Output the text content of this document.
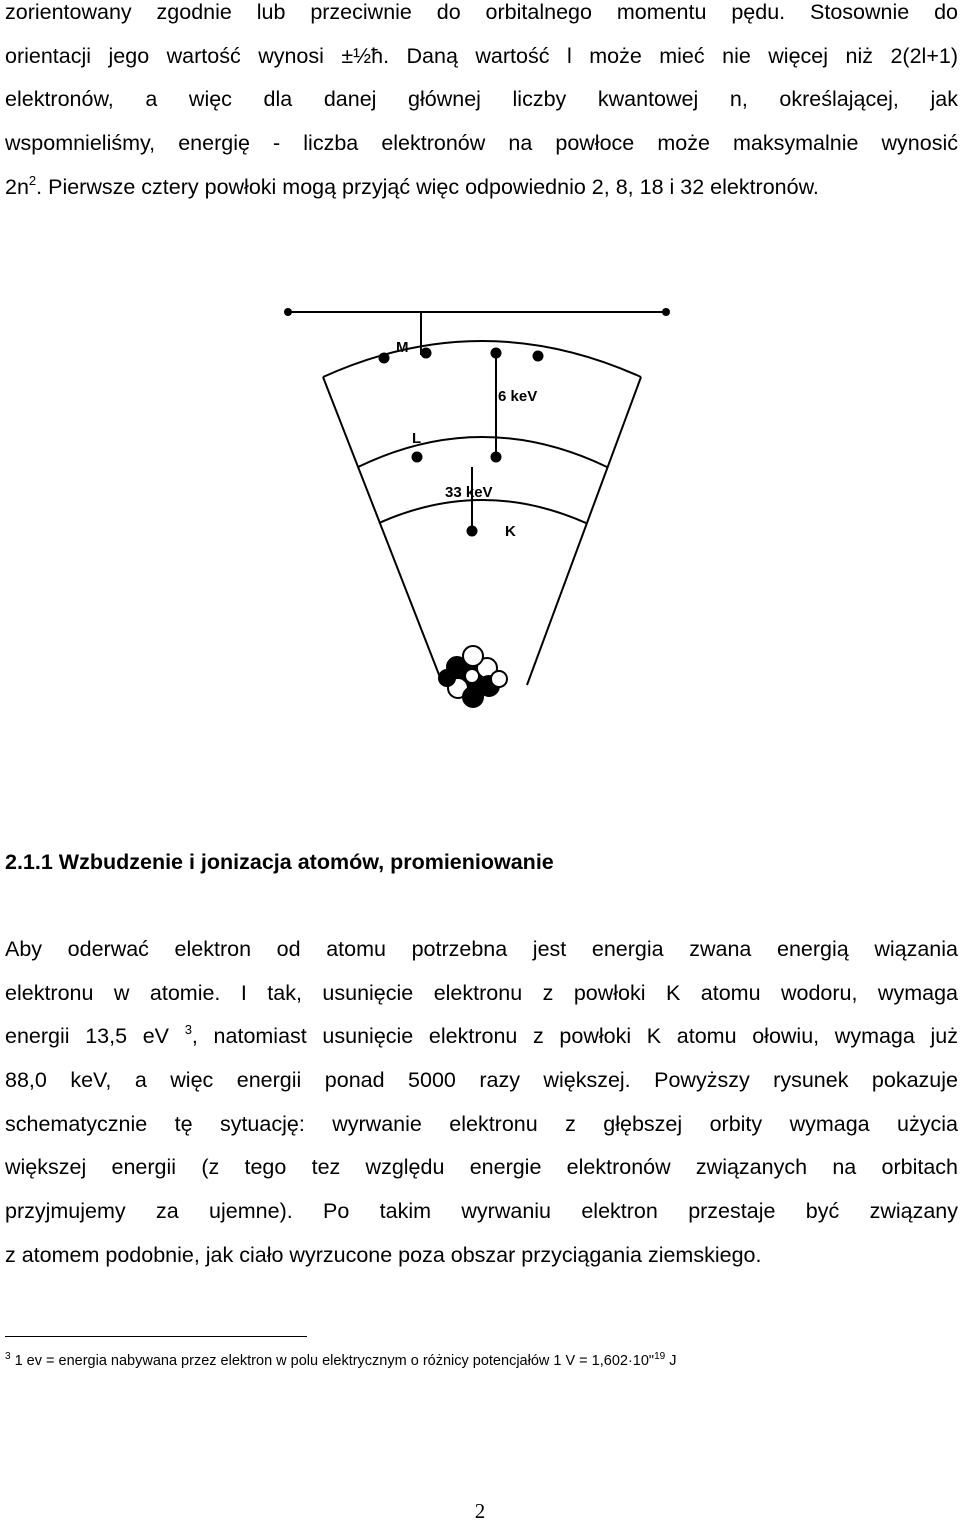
zorientowany zgodnie lub przeciwnie do orbitalnego momentu pędu. Stosownie do
orientacji jego wartość wynosi ±½ħ. Daną wartość l może mieć nie więcej niż 2(2l+1)
elektronów, a więc dla danej głównej liczby kwantowej n, określającej, jak
wspomnieliśmy, energię - liczba elektronów na powłoce może maksymalnie wynosić
$2n^2$. Pierwsze cztery powłoki mogą przyjąć więc odpowiednio 2, 8, 18 i 32 elektronów.
M
L
K
6 keV
33 keV

2.1.1 Wzbudzenie i jonizacja atomów, promieniowanie

Aby oderwać elektron od atomu potrzebna jest energia zwana energią wiązania
elektronu w atomie. I tak, usunięcie elektronu z powłoki K atomu wodoru, wymaga
energii 13,5 eV $^3$, natomiast usunięcie elektronu z powłoki K atomu ołowiu, wymaga już
88,0 keV, a więc energii ponad 5000 razy większej. Powyższy rysunek pokazuje
schematycznie tę sytuację: wyrwanie elektronu z głębszej orbity wymaga użycia
większej energii (z tego tez względu energie elektronów związanych na orbitach
przyjmujemy za ujemne). Po takim wyrwaniu elektron przestaje być związany
z atomem podobnie, jak ciało wyrzucone poza obszar przyciągania ziemskiego.

$^3$ 1 ev = energia nabywana przez elektron w polu elektrycznym o różnicy potencjałów 1 V = 1,602·10"$^{19}$ J

2
